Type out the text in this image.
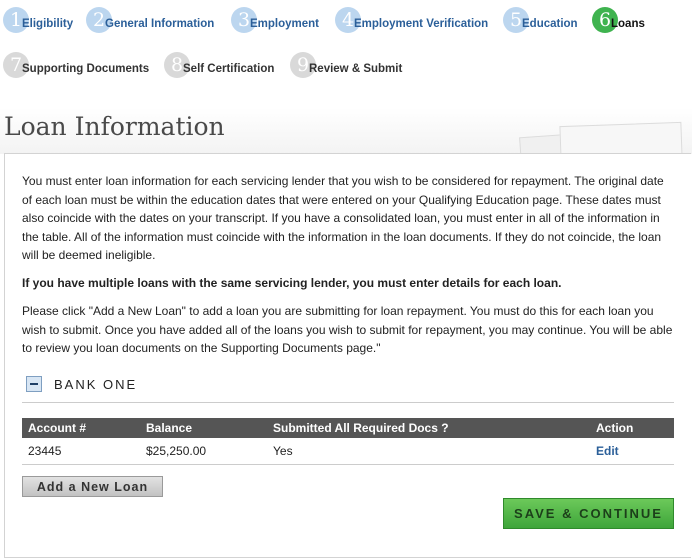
1 Eligibility	2 General Information	3 Employment	4 Employment Verification	5 Education	6 Loans
7 Supporting Documents	8 Self Certification	9 Review & Submit
Loan Information

You must enter loan information for each servicing lender that you wish to be considered for repayment. The original date of each loan must be within the education dates that were entered on your Qualifying Education page. These dates must also coincide with the dates on your transcript. If you have a consolidated loan, you must enter in all of the information in the table. All of the information must coincide with the information in the loan documents. If they do not coincide, the loan will be deemed ineligible.

If you have multiple loans with the same servicing lender, you must enter details for each loan.

Please click "Add a New Loan" to add a loan you are submitting for loan repayment. You must do this for each loan you wish to submit. Once you have added all of the loans you wish to submit for repayment, you may continue. You will be able to review you loan documents on the Supporting Documents page."

BANK ONE
Account #	Balance	Submitted All Required Docs ?	Action
23445	$25,250.00	Yes	Edit
Add a New Loan
SAVE & CONTINUE
